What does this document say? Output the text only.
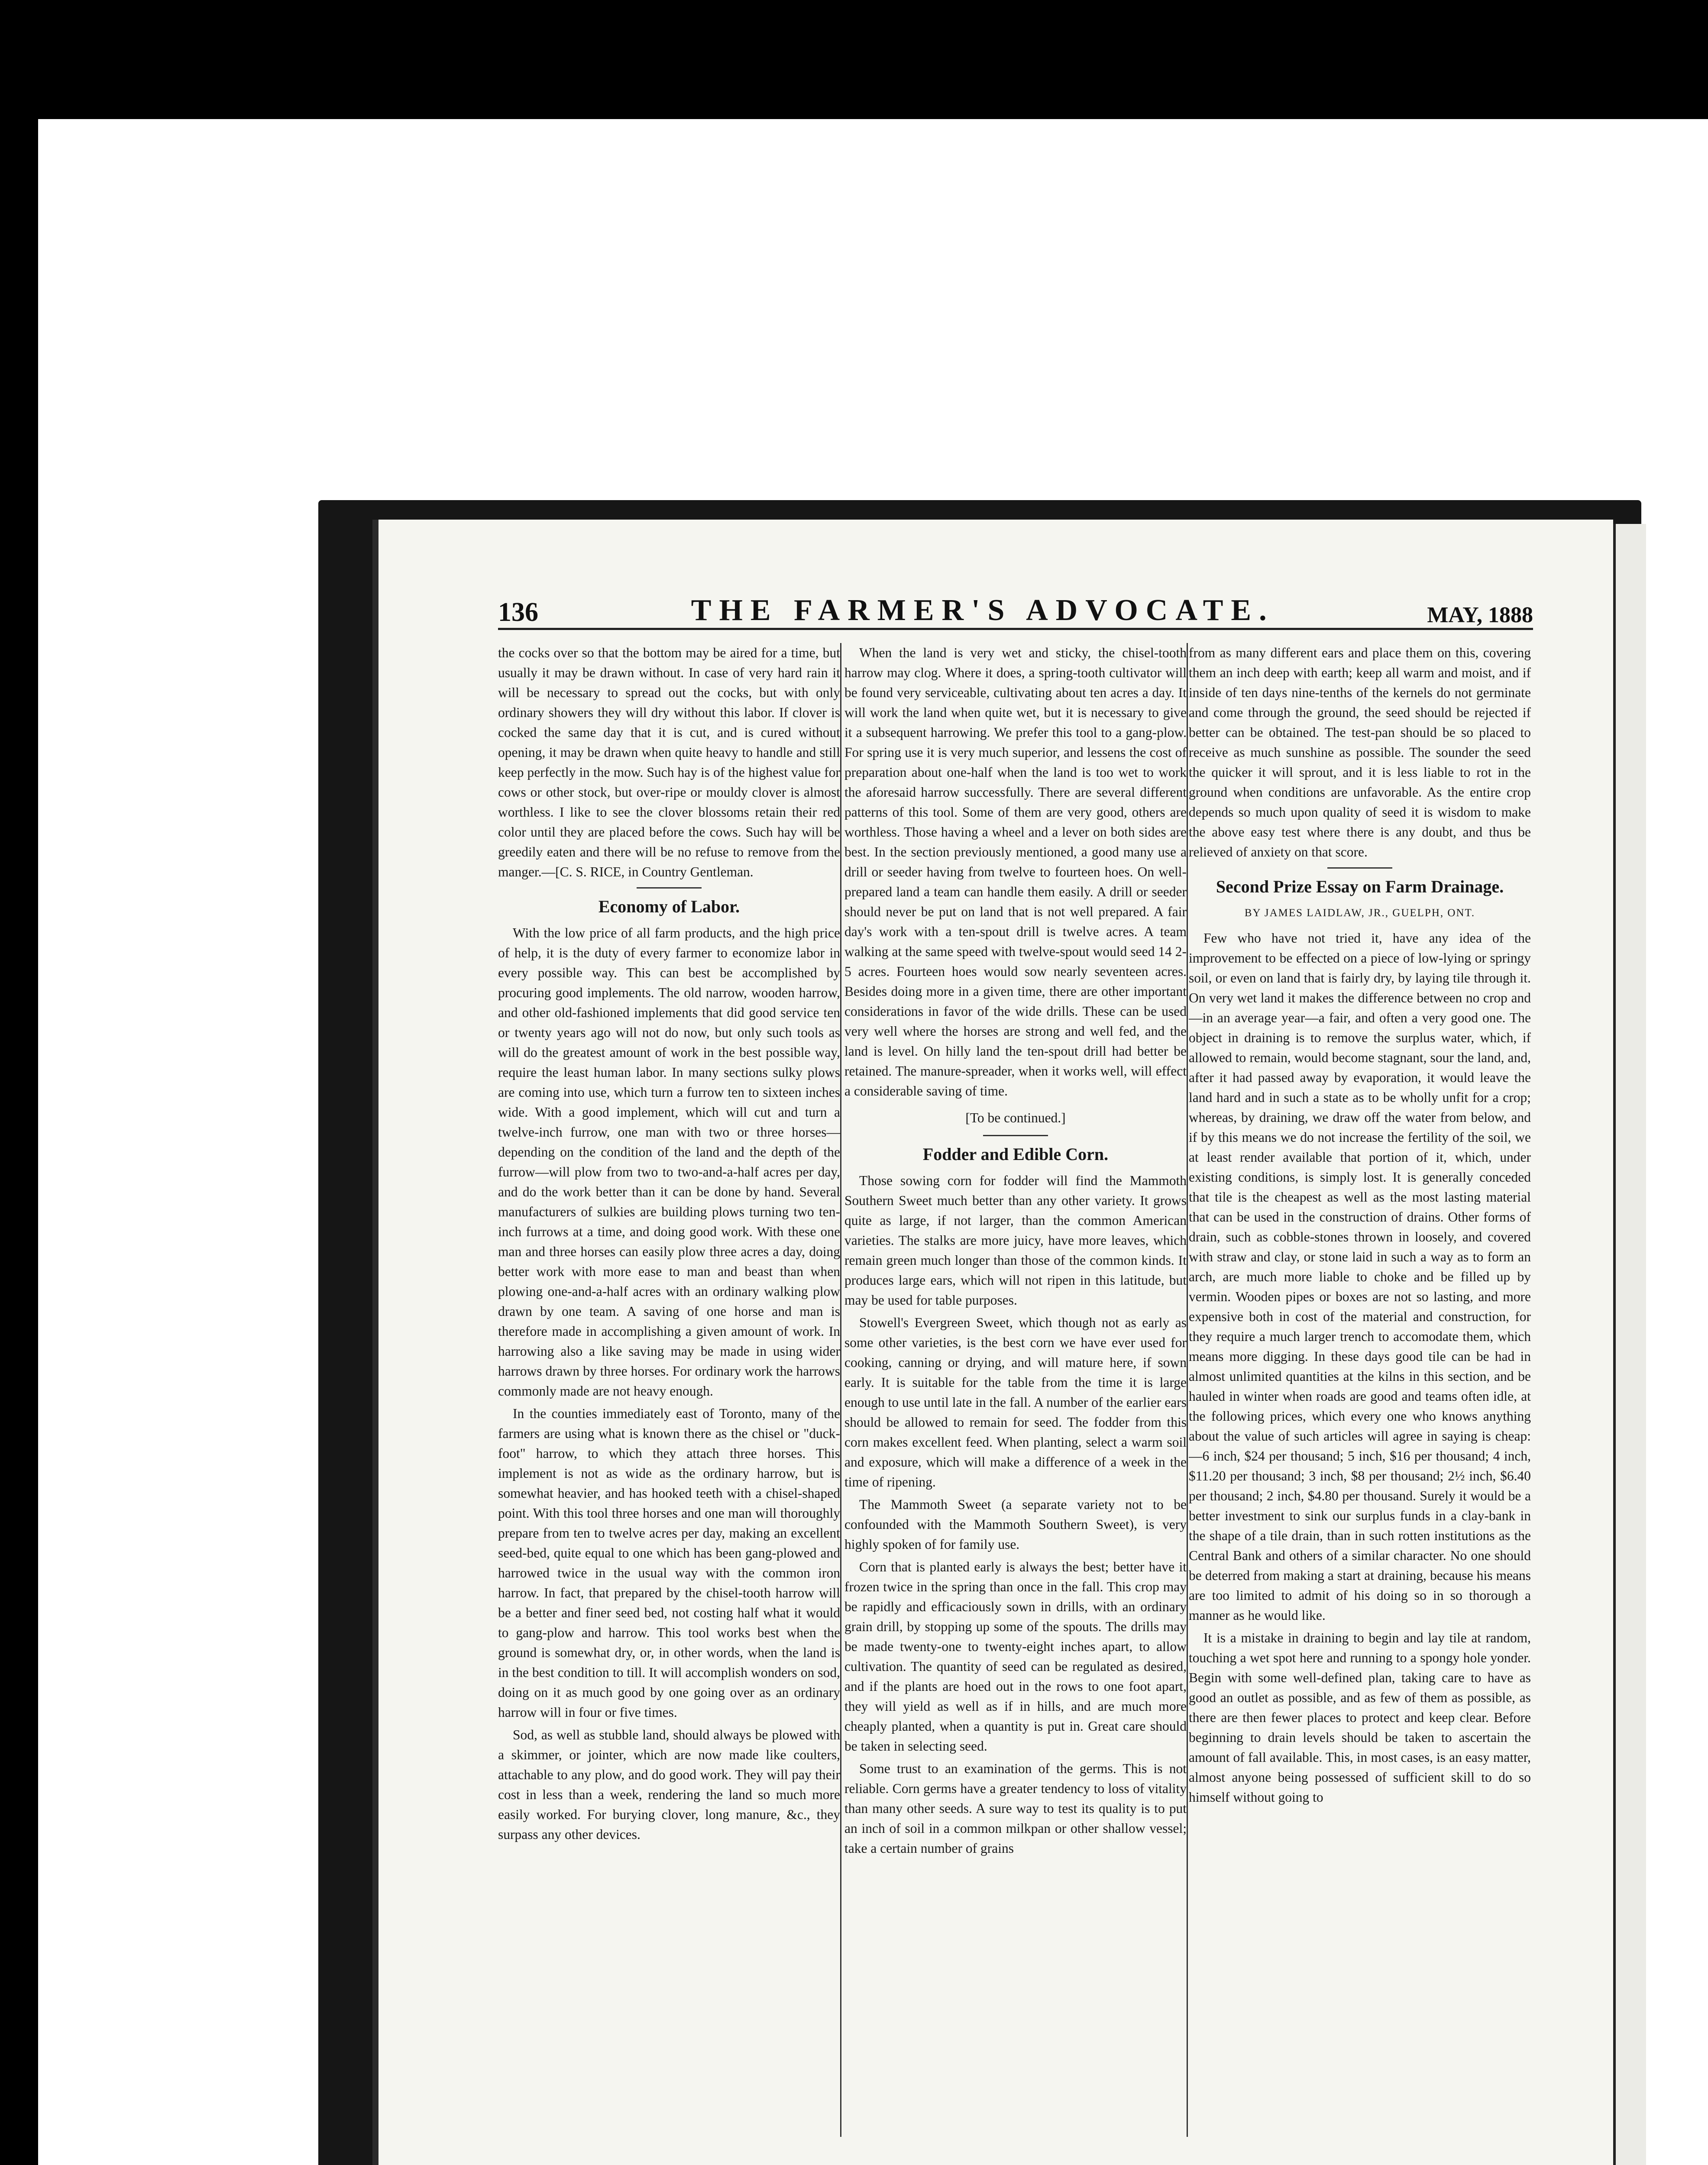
136	THE FARMER'S ADVOCATE.	MAY, 1888

the cocks over so that the bottom may be aired for a time, but usually it may be drawn without. In case of very hard rain it will be necessary to spread out the cocks, but with only ordinary showers they will dry without this labor. If clover is cocked the same day that it is cut, and is cured without opening, it may be drawn when quite heavy to handle and still keep perfectly in the mow. Such hay is of the highest value for cows or other stock, but over-ripe or mouldy clover is almost worthless. I like to see the clover blossoms retain their red color until they are placed before the cows. Such hay will be greedily eaten and there will be no refuse to remove from the manger.—[C. S. RICE, in Country Gentleman.

Economy of Labor.

With the low price of all farm products, and the high price of help, it is the duty of every farmer to economize labor in every possible way. This can best be accomplished by procuring good implements. The old narrow, wooden harrow, and other old-fashioned implements that did good service ten or twenty years ago will not do now, but only such tools as will do the greatest amount of work in the best possible way, require the least human labor. In many sections sulky plows are coming into use, which turn a furrow ten to sixteen inches wide. With a good implement, which will cut and turn a twelve-inch furrow, one man with two or three horses—depending on the condition of the land and the depth of the furrow—will plow from two to two-and-a-half acres per day, and do the work better than it can be done by hand. Several manufacturers of sulkies are building plows turning two ten-inch furrows at a time, and doing good work. With these one man and three horses can easily plow three acres a day, doing better work with more ease to man and beast than when plowing one-and-a-half acres with an ordinary walking plow drawn by one team. A saving of one horse and man is therefore made in accomplishing a given amount of work. In harrowing also a like saving may be made in using wider harrows drawn by three horses. For ordinary work the harrows commonly made are not heavy enough.

In the counties immediately east of Toronto, many of the farmers are using what is known there as the chisel or "duck-foot" harrow, to which they attach three horses. This implement is not as wide as the ordinary harrow, but is somewhat heavier, and has hooked teeth with a chisel-shaped point. With this tool three horses and one man will thoroughly prepare from ten to twelve acres per day, making an excellent seed-bed, quite equal to one which has been gang-plowed and harrowed twice in the usual way with the common iron harrow. In fact, that prepared by the chisel-tooth harrow will be a better and finer seed bed, not costing half what it would to gang-plow and harrow. This tool works best when the ground is somewhat dry, or, in other words, when the land is in the best condition to till. It will accomplish wonders on sod, doing on it as much good by one going over as an ordinary harrow will in four or five times.

Sod, as well as stubble land, should always be plowed with a skimmer, or jointer, which are now made like coulters, attachable to any plow, and do good work. They will pay their cost in less than a week, rendering the land so much more easily worked. For burying clover, long manure, &c., they surpass any other devices.

When the land is very wet and sticky, the chisel-tooth harrow may clog. Where it does, a spring-tooth cultivator will be found very serviceable, cultivating about ten acres a day. It will work the land when quite wet, but it is necessary to give it a subsequent harrowing. We prefer this tool to a gang-plow. For spring use it is very much superior, and lessens the cost of preparation about one-half when the land is too wet to work the aforesaid harrow successfully. There are several different patterns of this tool. Some of them are very good, others are worthless. Those having a wheel and a lever on both sides are best. In the section previously mentioned, a good many use a drill or seeder having from twelve to fourteen hoes. On well-prepared land a team can handle them easily. A drill or seeder should never be put on land that is not well prepared. A fair day's work with a ten-spout drill is twelve acres. A team walking at the same speed with twelve-spout would seed 14 2-5 acres. Fourteen hoes would sow nearly seventeen acres. Besides doing more in a given time, there are other important considerations in favor of the wide drills. These can be used very well where the horses are strong and well fed, and the land is level. On hilly land the ten-spout drill had better be retained. The manure-spreader, when it works well, will effect a considerable saving of time.

[To be continued.]

Fodder and Edible Corn.

Those sowing corn for fodder will find the Mammoth Southern Sweet much better than any other variety. It grows quite as large, if not larger, than the common American varieties. The stalks are more juicy, have more leaves, which remain green much longer than those of the common kinds. It produces large ears, which will not ripen in this latitude, but may be used for table purposes.

Stowell's Evergreen Sweet, which though not as early as some other varieties, is the best corn we have ever used for cooking, canning or drying, and will mature here, if sown early. It is suitable for the table from the time it is large enough to use until late in the fall. A number of the earlier ears should be allowed to remain for seed. The fodder from this corn makes excellent feed. When planting, select a warm soil and exposure, which will make a difference of a week in the time of ripening.

The Mammoth Sweet (a separate variety not to be confounded with the Mammoth Southern Sweet), is very highly spoken of for family use.

Corn that is planted early is always the best; better have it frozen twice in the spring than once in the fall. This crop may be rapidly and efficaciously sown in drills, with an ordinary grain drill, by stopping up some of the spouts. The drills may be made twenty-one to twenty-eight inches apart, to allow cultivation. The quantity of seed can be regulated as desired, and if the plants are hoed out in the rows to one foot apart, they will yield as well as if in hills, and are much more cheaply planted, when a quantity is put in. Great care should be taken in selecting seed.

Some trust to an examination of the germs. This is not reliable. Corn germs have a greater tendency to loss of vitality than many other seeds. A sure way to test its quality is to put an inch of soil in a common milkpan or other shallow vessel; take a certain number of grains

from as many different ears and place them on this, covering them an inch deep with earth; keep all warm and moist, and if inside of ten days nine-tenths of the kernels do not germinate and come through the ground, the seed should be rejected if better can be obtained. The test-pan should be so placed to receive as much sunshine as possible. The sounder the seed the quicker it will sprout, and it is less liable to rot in the ground when conditions are unfavorable. As the entire crop depends so much upon quality of seed it is wisdom to make the above easy test where there is any doubt, and thus be relieved of anxiety on that score.

Second Prize Essay on Farm Drainage.
BY JAMES LAIDLAW, JR., GUELPH, ONT.

Few who have not tried it, have any idea of the improvement to be effected on a piece of low-lying or springy soil, or even on land that is fairly dry, by laying tile through it. On very wet land it makes the difference between no crop and—in an average year—a fair, and often a very good one. The object in draining is to remove the surplus water, which, if allowed to remain, would become stagnant, sour the land, and, after it had passed away by evaporation, it would leave the land hard and in such a state as to be wholly unfit for a crop; whereas, by draining, we draw off the water from below, and if by this means we do not increase the fertility of the soil, we at least render available that portion of it, which, under existing conditions, is simply lost. It is generally conceded that tile is the cheapest as well as the most lasting material that can be used in the construction of drains. Other forms of drain, such as cobble-stones thrown in loosely, and covered with straw and clay, or stone laid in such a way as to form an arch, are much more liable to choke and be filled up by vermin. Wooden pipes or boxes are not so lasting, and more expensive both in cost of the material and construction, for they require a much larger trench to accomodate them, which means more digging. In these days good tile can be had in almost unlimited quantities at the kilns in this section, and be hauled in winter when roads are good and teams often idle, at the following prices, which every one who knows anything about the value of such articles will agree in saying is cheap:—6 inch, $24 per thousand; 5 inch, $16 per thousand; 4 inch, $11.20 per thousand; 3 inch, $8 per thousand; 2½ inch, $6.40 per thousand; 2 inch, $4.80 per thousand. Surely it would be a better investment to sink our surplus funds in a clay-bank in the shape of a tile drain, than in such rotten institutions as the Central Bank and others of a similar character. No one should be deterred from making a start at draining, because his means are too limited to admit of his doing so in so thorough a manner as he would like.

It is a mistake in draining to begin and lay tile at random, touching a wet spot here and running to a spongy hole yonder. Begin with some well-defined plan, taking care to have as good an outlet as possible, and as few of them as possible, as there are then fewer places to protect and keep clear. Before beginning to drain levels should be taken to ascertain the amount of fall available. This, in most cases, is an easy matter, almost anyone being possessed of sufficient skill to do so himself without going to
